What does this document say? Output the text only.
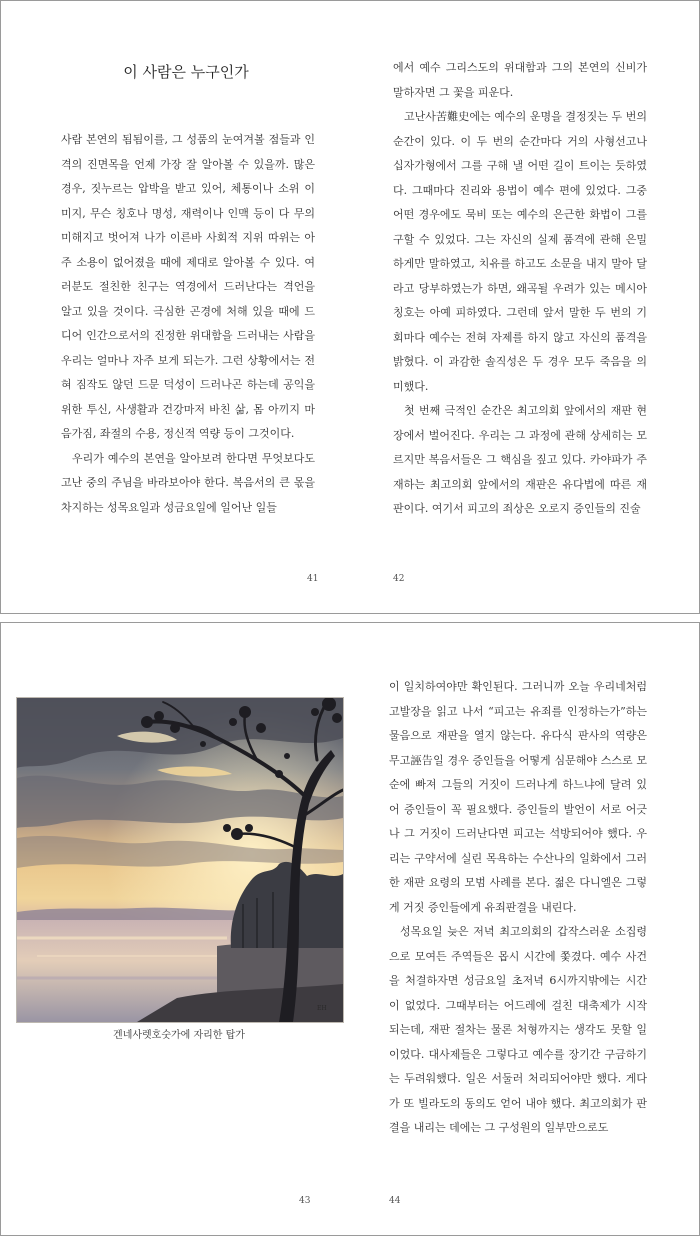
이 사람은 누구인가

사람 본연의 됨됨이를, 그 성품의 눈여겨볼 점들과 인격의 진면목을 언제 가장 잘 알아볼 수 있을까. 많은 경우, 짓누르는 압박을 받고 있어, 체통이나 소위 이미지, 무슨 칭호나 명성, 재력이나 인맥 등이 다 무의미해지고 벗어져 나가 이른바 사회적 지위 따위는 아주 소용이 없어졌을 때에 제대로 알아볼 수 있다. 여러분도 절친한 친구는 역경에서 드러난다는 격언을 알고 있을 것이다. 극심한 곤경에 처해 있을 때에 드디어 인간으로서의 진정한 위대함을 드러내는 사람을 우리는 얼마나 자주 보게 되는가. 그런 상황에서는 전혀 짐작도 않던 드문 덕성이 드러나곤 하는데 공익을 위한 투신, 사생활과 건강마저 바친 삶, 몸 아끼지 마음가짐, 좌절의 수용, 정신적 역량 등이 그것이다.

우리가 예수의 본연을 알아보려 한다면 무엇보다도 고난 중의 주님을 바라보아야 한다. 복음서의 큰 몫을 차지하는 성목요일과 성금요일에 일어난 일들

41

에서 예수 그리스도의 위대함과 그의 본연의 신비가 말하자면 그 꽃을 피운다.

고난사苦難史에는 예수의 운명을 결정짓는 두 번의 순간이 있다. 이 두 번의 순간마다 거의 사형선고나 십자가형에서 그를 구해 낼 어떤 길이 트이는 듯하였다. 그때마다 진리와 용법이 예수 편에 있었다. 그중 어떤 경우에도 묵비 또는 예수의 은근한 화법이 그를 구할 수 있었다. 그는 자신의 실제 품격에 관해 은밀하게만 말하였고, 치유를 하고도 소문을 내지 말아 달라고 당부하였는가 하면, 왜곡될 우려가 있는 메시아 칭호는 아예 피하였다. 그런데 앞서 말한 두 번의 기회마다 예수는 전혀 자제를 하지 않고 자신의 품격을 밝혔다. 이 과감한 솔직성은 두 경우 모두 죽음을 의미했다.

첫 번째 극적인 순간은 최고의회 앞에서의 재판 현장에서 벌어진다. 우리는 그 과정에 관해 상세히는 모르지만 복음서들은 그 핵심을 짚고 있다. 카야파가 주재하는 최고의회 앞에서의 재판은 유다법에 따른 재판이다. 여기서 피고의 죄상은 오로지 증인들의 진술

42
43

이 일치하여야만 확인된다. 그러니까 오늘 우리네처럼 고발장을 읽고 나서 “피고는 유죄를 인정하는가”하는 물음으로 재판을 열지 않는다. 유다식 판사의 역량은 무고誣告일 경우 증인들을 어떻게 심문해야 스스로 모순에 빠져 그들의 거짓이 드러나게 하느냐에 달려 있어 증인들이 꼭 필요했다. 증인들의 발언이 서로 어긋나 그 거짓이 드러난다면 피고는 석방되어야 했다. 우리는 구약서에 실린 목욕하는 수산나의 일화에서 그러한 재판 요령의 모범 사례를 본다. 젊은 다니엘은 그렇게 거짓 증인들에게 유죄판결을 내린다.

성목요일 늦은 저녁 최고의회의 갑작스러운 소집령으로 모여든 주역들은 몹시 시간에 쫓겼다. 예수 사건을 처결하자면 성금요일 초저녁 6시까지밖에는 시간이 없었다. 그때부터는 어드레에 걸친 대축제가 시작되는데, 재판 절차는 물론 처형까지는 생각도 못할 일이었다. 대사제들은 그렇다고 예수를 장기간 구금하기는 두려워했다. 일은 서둘러 처리되어야만 했다. 게다가 또 빌라도의 동의도 얻어 내야 했다. 최고의회가 판결을 내리는 데에는 그 구성원의 일부만으로도

44
EH
겐네사렛호숫가에 자리한 탑가
